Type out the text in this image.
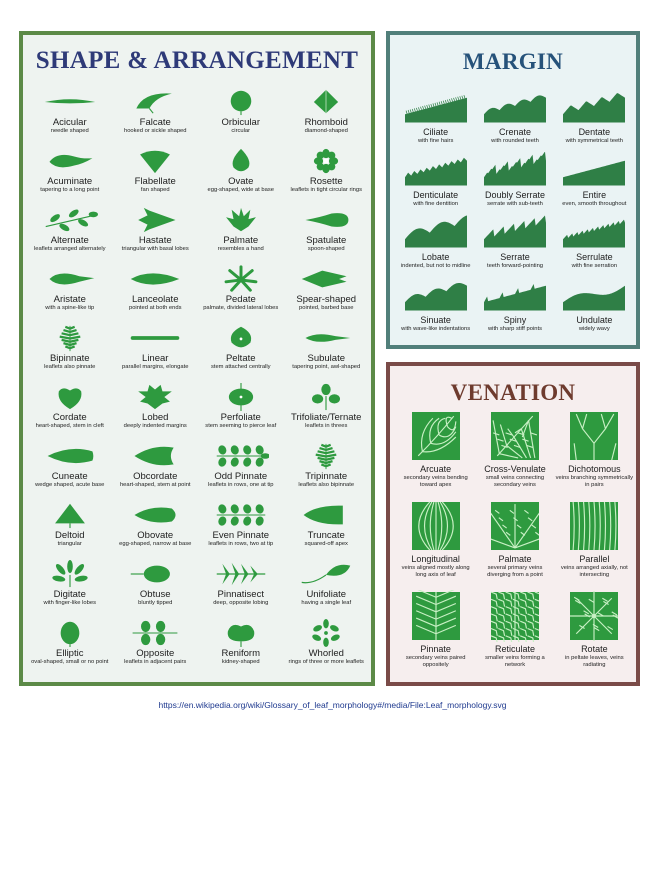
SHAPE & ARRANGEMENT
Acicular
needle shaped
Falcate
hooked or sickle shaped
Orbicular
circular
Rhomboid
diamond-shaped
Acuminate
tapering to a long point
Flabellate
fan shaped
Ovate
egg-shaped, wide at base
Rosette
leaflets in tight circular rings
Alternate
leaflets arranged alternately
Hastate
triangular with basal lobes
Palmate
resembles a hand
Spatulate
spoon-shaped
Aristate
with a spine-like tip
Lanceolate
pointed at both ends
Pedate
palmate, divided lateral lobes
Spear-shaped
pointed, barbed base
Bipinnate
leaflets also pinnate
Linear
parallel margins, elongate
Peltate
stem attached centrally
Subulate
tapering point, awl-shaped
Cordate
heart-shaped, stem in cleft
Lobed
deeply indented margins
Perfoliate
stem seeming to pierce leaf
Trifoliate/Ternate
leaflets in threes
Cuneate
wedge shaped, acute base
Obcordate
heart-shaped, stem at point
Odd Pinnate
leaflets in rows, one at tip
Tripinnate
leaflets also bipinnate
Deltoid
triangular
Obovate
egg-shaped, narrow at base
Even Pinnate
leaflets in rows, two at tip
Truncate
squared-off apex
Digitate
with finger-like lobes
Obtuse
bluntly tipped
Pinnatisect
deep, opposite lobing
Unifoliate
having a single leaf
Elliptic
oval-shaped, small or no point
Opposite
leaflets in adjacent pairs
Reniform
kidney-shaped
Whorled
rings of three or more leaflets
MARGIN
Ciliate
with fine hairs
Crenate
with rounded teeth
Dentate
with symmetrical teeth
Denticulate
with fine dentition
Doubly Serrate
serrate with sub-teeth
Entire
even, smooth throughout
Lobate
indented, but not to midline
Serrate
teeth forward-pointing
Serrulate
with fine serration
Sinuate
with wave-like indentations
Spiny
with sharp stiff points
Undulate
widely wavy
VENATION
Arcuate
secondary veins bending toward apex
Cross-Venulate
small veins connecting secondary veins
Dichotomous
veins branching symmetrically in pairs
Longitudinal
veins aligned mostly along long axis of leaf
Palmate
several primary veins diverging from a point
Parallel
veins arranged axially, not intersecting
Pinnate
secondary veins paired oppositely
Reticulate
smaller veins forming a network
Rotate
in peltate leaves, veins radiating
https://en.wikipedia.org/wiki/Glossary_of_leaf_morphology#/media/File:Leaf_morphology.svg
